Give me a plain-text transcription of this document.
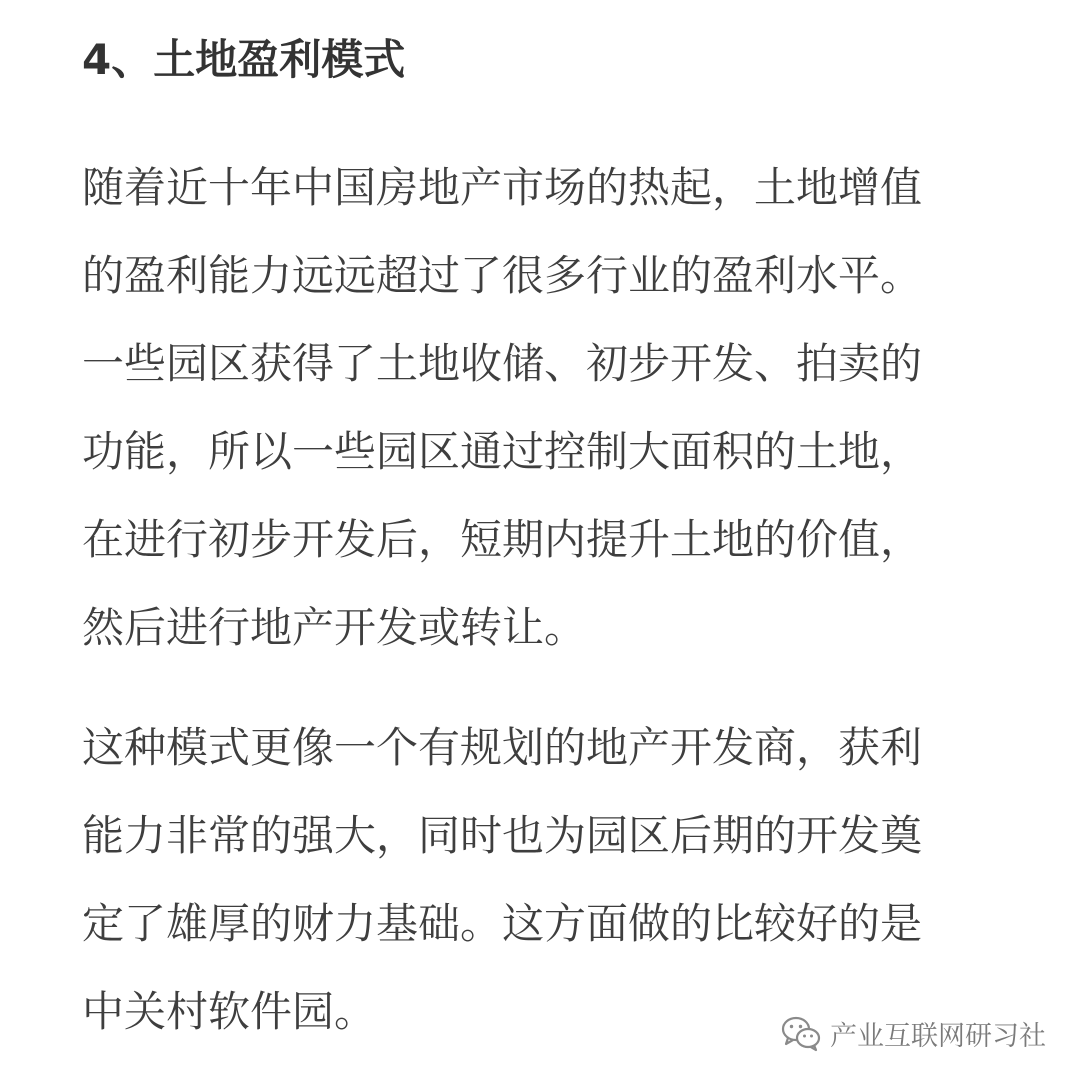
4、土地盈利模式
随着近十年中国房地产市场的热起，土地增值
的盈利能力远远超过了很多行业的盈利水平。
一些园区获得了土地收储、初步开发、拍卖的
功能，所以一些园区通过控制大面积的土地，
在进行初步开发后，短期内提升土地的价值，
然后进行地产开发或转让。
这种模式更像一个有规划的地产开发商，获利
能力非常的强大，同时也为园区后期的开发奠
定了雄厚的财力基础。这方面做的比较好的是
中关村软件园。	产业互联网研习社
